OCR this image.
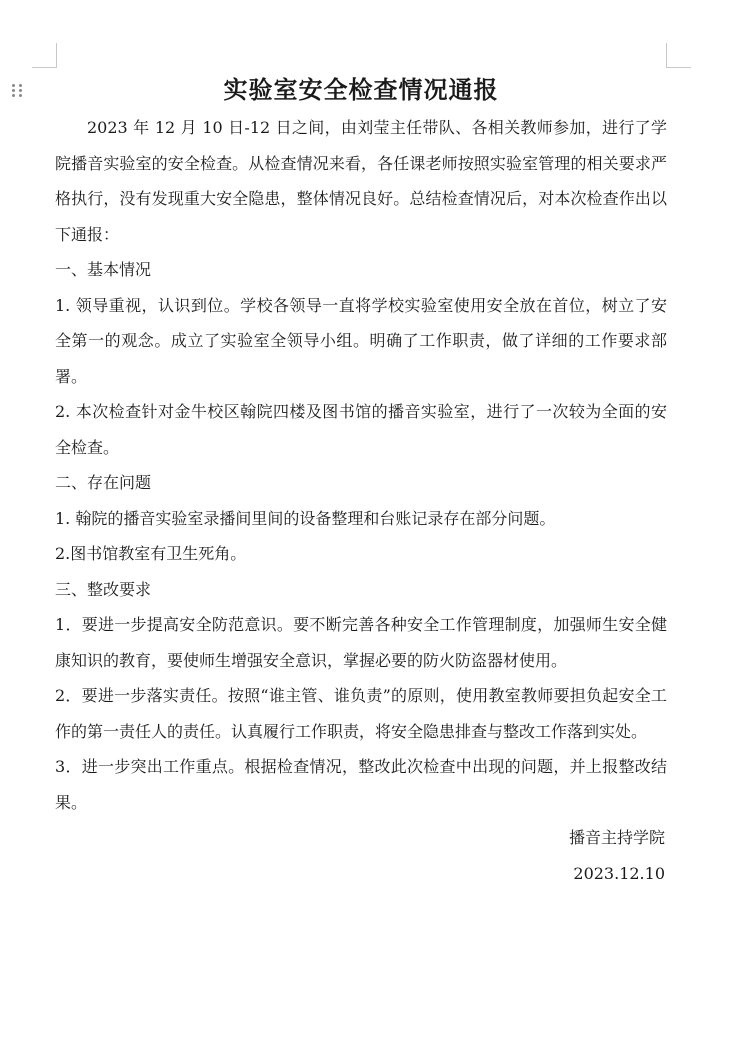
实验室安全检查情况通报

2023 年 12 月 10 日-12 日之间，由刘莹主任带队、各相关教师参加，进行了学院播音实验室的安全检查。从检查情况来看，各任课老师按照实验室管理的相关要求严格执行，没有发现重大安全隐患，整体情况良好。总结检查情况后，对本次检查作出以下通报：

一、基本情况

1. 领导重视，认识到位。学校各领导一直将学校实验室使用安全放在首位，树立了安全第一的观念。成立了实验室全领导小组。明确了工作职责，做了详细的工作要求部署。

2. 本次检查针对金牛校区翰院四楼及图书馆的播音实验室，进行了一次较为全面的安全检查。

二、存在问题

1. 翰院的播音实验室录播间里间的设备整理和台账记录存在部分问题。

2.图书馆教室有卫生死角。

三、整改要求

1．要进一步提高安全防范意识。要不断完善各种安全工作管理制度，加强师生安全健康知识的教育，要使师生增强安全意识，掌握必要的防火防盗器材使用。

2．要进一步落实责任。按照“谁主管、谁负责”的原则，使用教室教师要担负起安全工作的第一责任人的责任。认真履行工作职责，将安全隐患排查与整改工作落到实处。

3．进一步突出工作重点。根据检查情况，整改此次检查中出现的问题，并上报整改结果。

播音主持学院

2023.12.10
